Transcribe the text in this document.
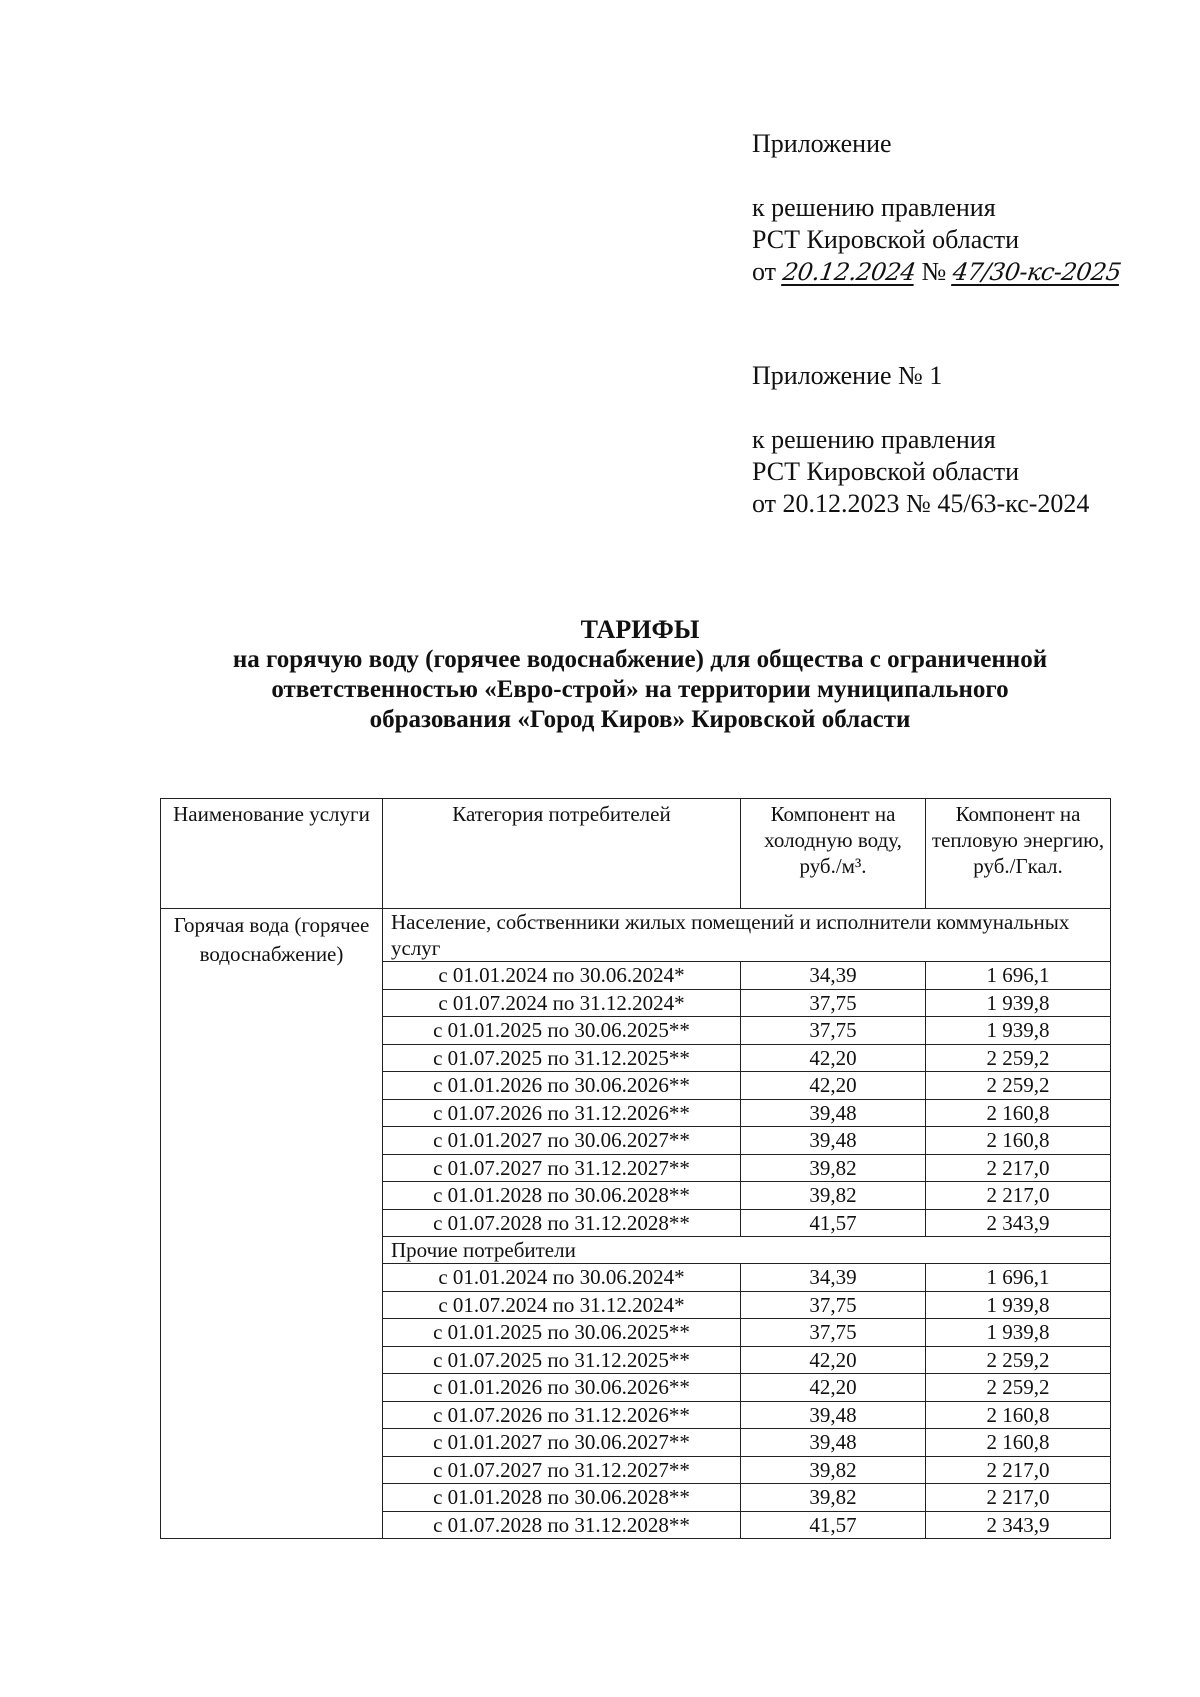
Приложение
к решению правления
РСТ Кировской области
от 20.12.2024 № 47/30-кс-2025
Приложение № 1
к решению правления
РСТ Кировской области
от 20.12.2023 № 45/63-кс-2024
ТАРИФЫ
на горячую воду (горячее водоснабжение) для общества с ограниченной
ответственностью «Евро-строй» на территории муниципального
образования «Город Киров» Кировской области
Наименование услуги	Категория потребителей	Компонент на холодную воду, руб./м³.	Компонент на тепловую энергию, руб./Гкал.
Горячая вода (горячее водоснабжение)	Население, собственники жилых помещений и исполнители коммунальных услуг		
	с 01.01.2024 по 30.06.2024*	34,39	1 696,1
	с 01.07.2024 по 31.12.2024*	37,75	1 939,8
	с 01.01.2025 по 30.06.2025**	37,75	1 939,8
	с 01.07.2025 по 31.12.2025**	42,20	2 259,2
	с 01.01.2026 по 30.06.2026**	42,20	2 259,2
	с 01.07.2026 по 31.12.2026**	39,48	2 160,8
	с 01.01.2027 по 30.06.2027**	39,48	2 160,8
	с 01.07.2027 по 31.12.2027**	39,82	2 217,0
	с 01.01.2028 по 30.06.2028**	39,82	2 217,0
	с 01.07.2028 по 31.12.2028**	41,57	2 343,9
	Прочие потребители		
	с 01.01.2024 по 30.06.2024*	34,39	1 696,1
	с 01.07.2024 по 31.12.2024*	37,75	1 939,8
	с 01.01.2025 по 30.06.2025**	37,75	1 939,8
	с 01.07.2025 по 31.12.2025**	42,20	2 259,2
	с 01.01.2026 по 30.06.2026**	42,20	2 259,2
	с 01.07.2026 по 31.12.2026**	39,48	2 160,8
	с 01.01.2027 по 30.06.2027**	39,48	2 160,8
	с 01.07.2027 по 31.12.2027**	39,82	2 217,0
	с 01.01.2028 по 30.06.2028**	39,82	2 217,0
	с 01.07.2028 по 31.12.2028**	41,57	2 343,9
